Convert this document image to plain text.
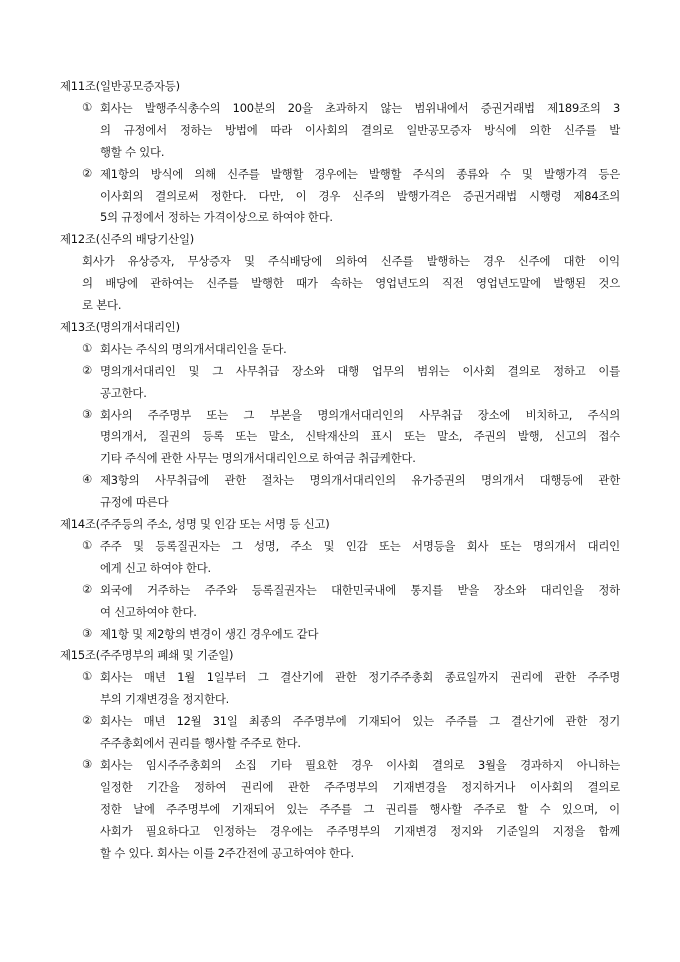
제11조(일반공모증자등)
① 회사는 발행주식총수의 100분의 20을 초과하지 않는 범위내에서 증권거래법 제189조의 3
의 규정에서 정하는 방법에 따라 이사회의 결의로 일반공모증자 방식에 의한 신주를 발
행할 수 있다.
② 제1항의 방식에 의해 신주를 발행할 경우에는 발행할 주식의 종류와 수 및 발행가격 등은
이사회의 결의로써 정한다. 다만, 이 경우 신주의 발행가격은 증권거래법 시행령 제84조의
5의 규정에서 정하는 가격이상으로 하여야 한다.
제12조(신주의 배당기산일)
회사가 유상증자, 무상증자 및 주식배당에 의하여 신주를 발행하는 경우 신주에 대한 이익
의 배당에 관하여는 신주를 발행한 때가 속하는 영업년도의 직전 영업년도말에 발행된 것으
로 본다.
제13조(명의개서대리인)
① 회사는 주식의 명의개서대리인을 둔다.
② 명의개서대리인 및 그 사무취급 장소와 대행 업무의 범위는 이사회 결의로 정하고 이를
공고한다.
③ 회사의 주주명부 또는 그 부본을 명의개서대리인의 사무취급 장소에 비치하고, 주식의
명의개서, 질권의 등록 또는 말소, 신탁재산의 표시 또는 말소, 주권의 발행, 신고의 접수
기타 주식에 관한 사무는 명의개서대리인으로 하여금 취급케한다.
④ 제3항의 사무취급에 관한 절차는 명의개서대리인의 유가증권의 명의개서 대행등에 관한
규정에 따른다
제14조(주주등의 주소, 성명 및 인감 또는 서명 등 신고)
① 주주 및 등록질권자는 그 성명, 주소 및 인감 또는 서명등을 회사 또는 명의개서 대리인
에게 신고 하여야 한다.
② 외국에 거주하는 주주와 등록질권자는 대한민국내에 통지를 받을 장소와 대리인을 정하
여 신고하여야 한다.
③ 제1항 및 제2항의 변경이 생긴 경우에도 같다
제15조(주주명부의 폐쇄 및 기준일)
① 회사는 매년 1월 1일부터 그 결산기에 관한 정기주주총회 종료일까지 권리에 관한 주주명
부의 기재변경을 정지한다.
② 회사는 매년 12월 31일 최종의 주주명부에 기재되어 있는 주주를 그 결산기에 관한 정기
주주총회에서 권리를 행사할 주주로 한다.
③ 회사는 임시주주총회의 소집 기타 필요한 경우 이사회 결의로 3월을 경과하지 아니하는
일정한 기간을 정하여 권리에 관한 주주명부의 기재변경을 정지하거나 이사회의 결의로
정한 날에 주주명부에 기재되어 있는 주주를 그 권리를 행사할 주주로 할 수 있으며, 이
사회가 필요하다고 인정하는 경우에는 주주명부의 기재변경 정지와 기준일의 지정을 함께
할 수 있다. 회사는 이를 2주간전에 공고하여야 한다.
